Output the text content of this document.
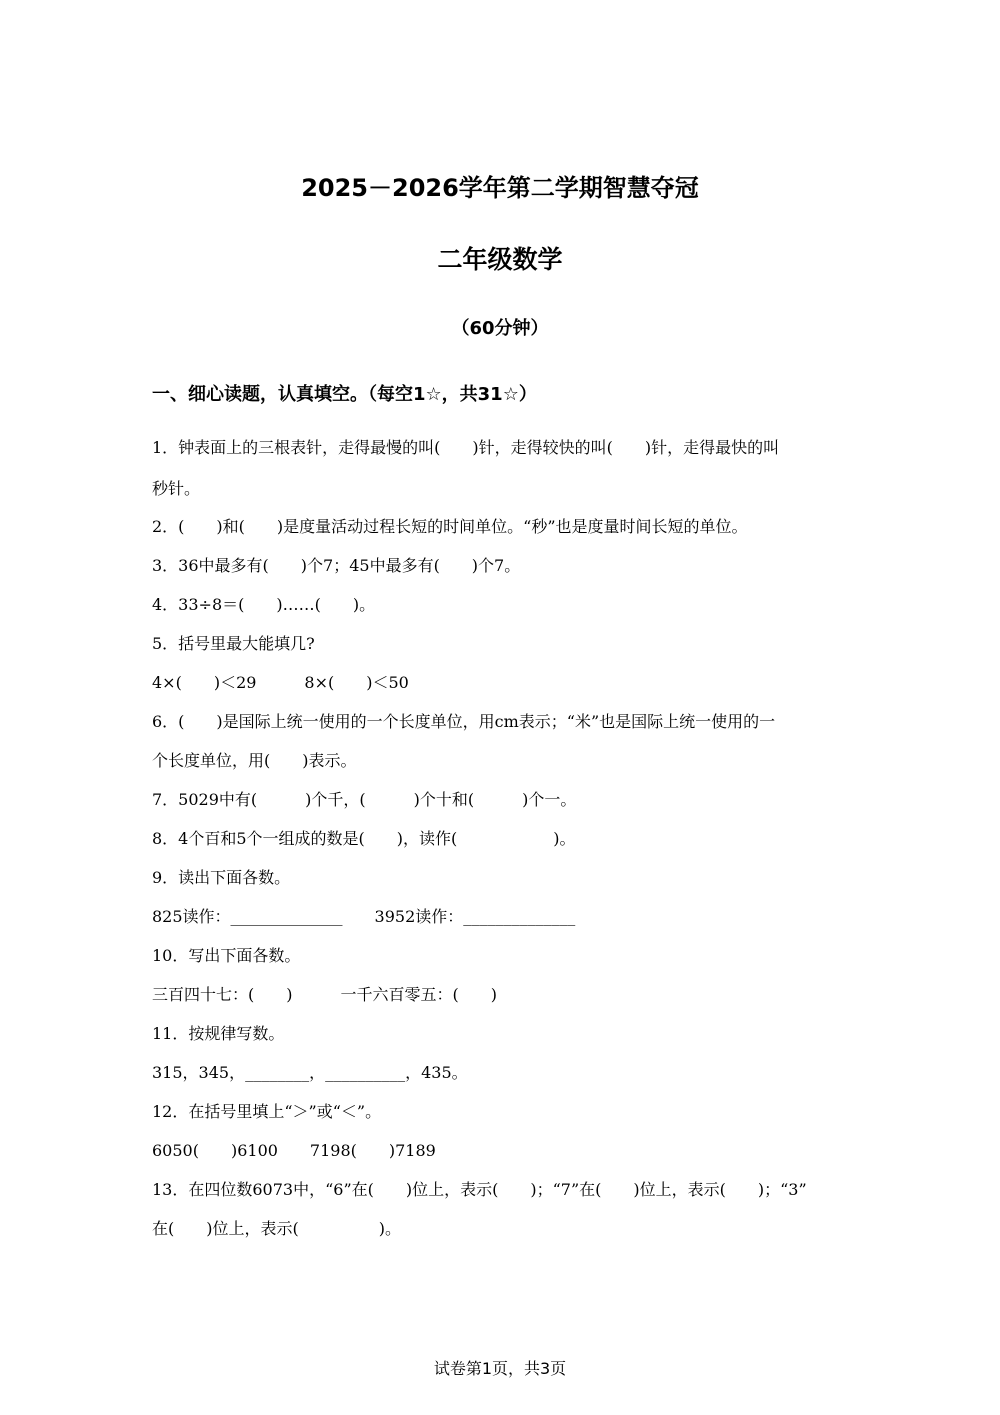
2025－2026学年第二学期智慧夺冠
二年级数学
（60分钟）
一、细心读题，认真填空。（每空1☆，共31☆）
1．钟表面上的三根表针，走得最慢的叫(　　)针，走得较快的叫(　　)针，走得最快的叫
秒针。
2．(　　)和(　　)是度量活动过程长短的时间单位。“秒”也是度量时间长短的单位。
3．36中最多有(　　)个7；45中最多有(　　)个7。
4．33÷8＝(　　)……(　　)。
5．括号里最大能填几?
4×(　　)＜29　　　8×(　　)＜50
6．(　　)是国际上统一使用的一个长度单位，用cm表示；“米”也是国际上统一使用的一
个长度单位，用(　　)表示。
7．5029中有(　　　)个千，(　　　)个十和(　　　)个一。
8．4个百和5个一组成的数是(　　)，读作(　　　　　　)。
9．读出下面各数。
825读作：______________　　3952读作：______________
10．写出下面各数。
三百四十七：(　　)　　　一千六百零五：(　　)
11．按规律写数。
315，345，________，__________，435。
12．在括号里填上“＞”或“＜”。
6050(　　)6100　　7198(　　)7189
13．在四位数6073中，“6”在(　　)位上，表示(　　)；“7”在(　　)位上，表示(　　)；“3”
在(　　)位上，表示(　　　　　)。
试卷第1页，共3页
